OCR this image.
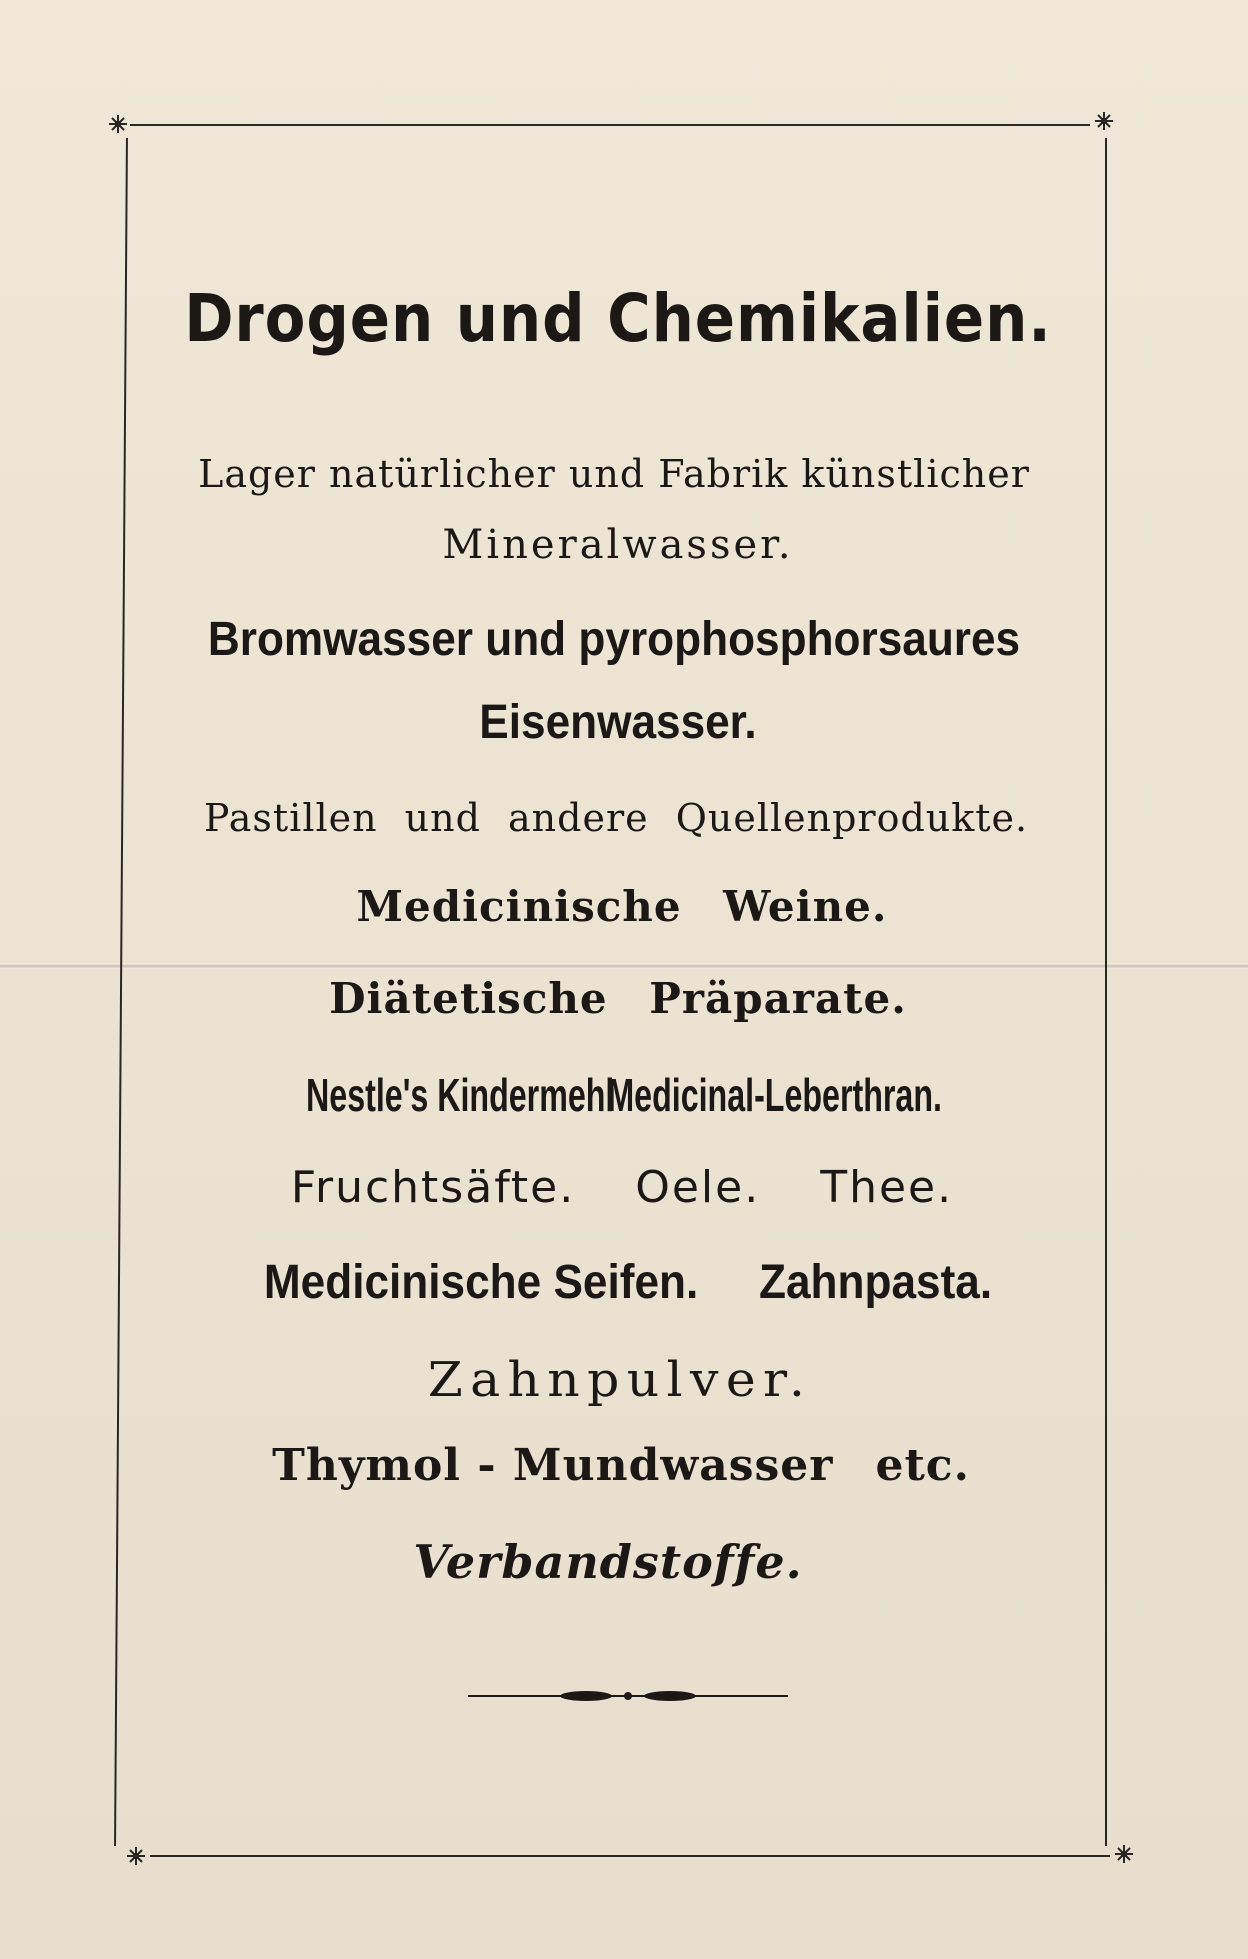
Drogen und Chemikalien.
Lager natürlicher und Fabrik künstlicher
Mineralwasser.
Bromwasser und pyrophosphorsaures
Eisenwasser.
Pastillen und andere Quellenprodukte.
Medicinische Weine.
Diätetische Präparate.
Nestle's Kindermehl
Medicinal-Leberthran.
Fruchtsäfte. Oele. Thee.
Medicinische Seifen. Zahnpasta.
Zahnpulver.
Thymol - Mundwasser etc.
Verbandstoffe.
